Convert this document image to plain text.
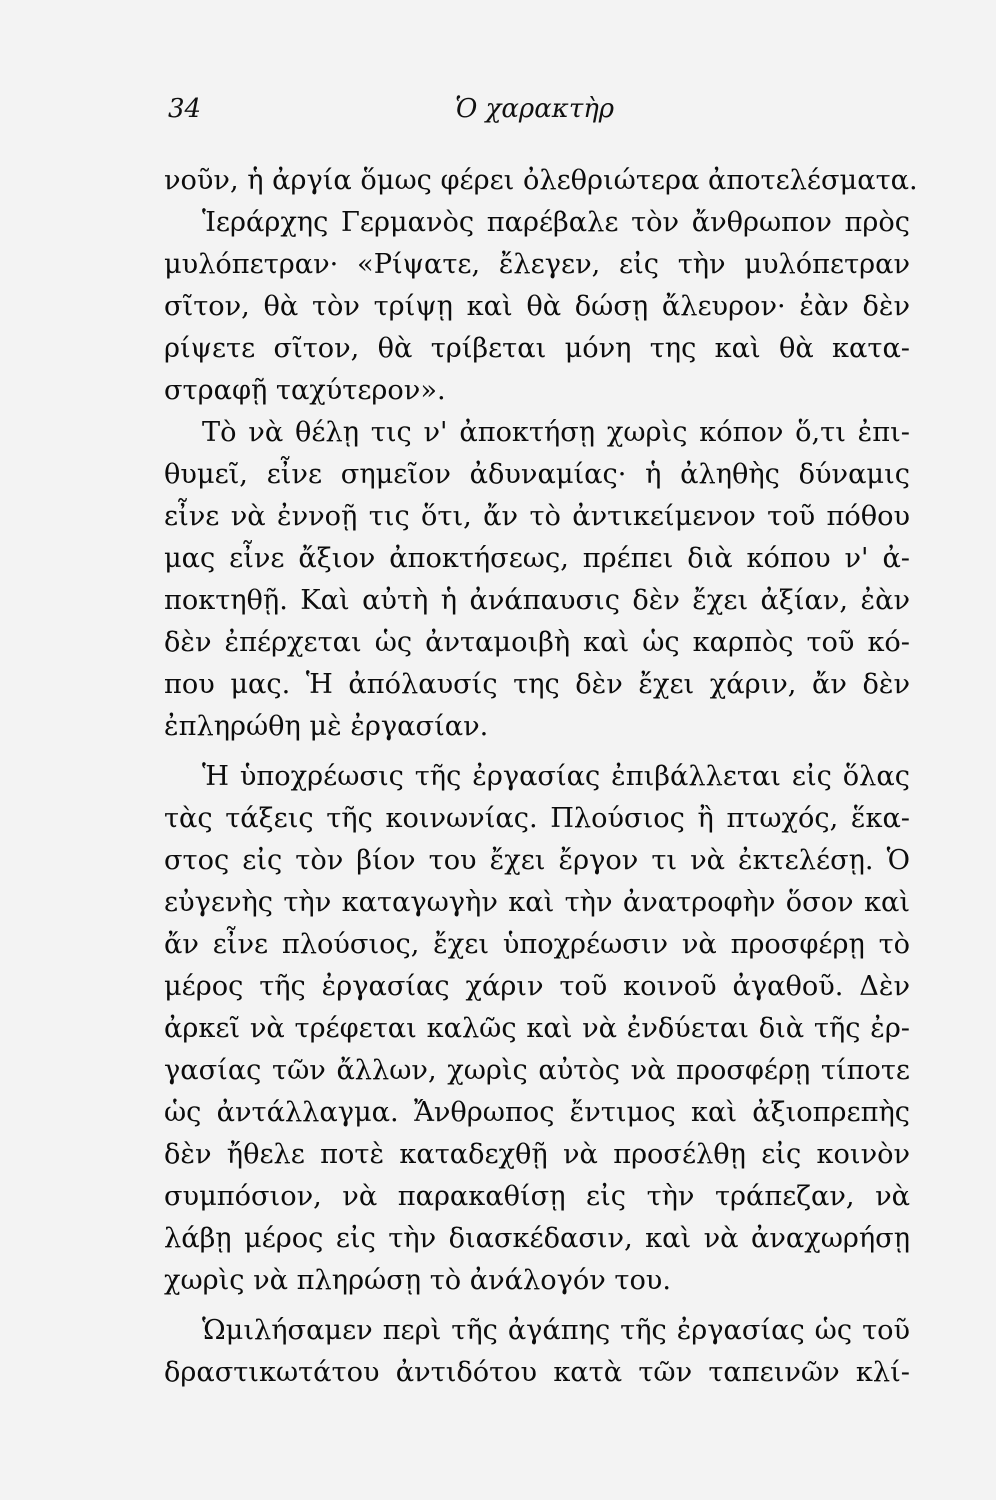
34	Ὁ χαρακτὴρ
νοῦν, ἡ ἀργία ὅμως φέρει ὀλεθριώτερα ἀποτελέσματα.
Ἱεράρχης Γερμανὸς παρέβαλε τὸν ἄνθρωπον πρὸς
μυλόπετραν· «Ρίψατε, ἔλεγεν, εἰς τὴν μυλόπετραν
σῖτον, θὰ τὸν τρίψῃ καὶ θὰ δώσῃ ἄλευρον· ἐὰν δὲν
ρίψετε σῖτον, θὰ τρίβεται μόνη της καὶ θὰ κατα-
στραφῇ ταχύτερον».
Τὸ νὰ θέλῃ τις ν' ἀποκτήσῃ χωρὶς κόπον ὅ,τι ἐπι-
θυμεῖ, εἶνε σημεῖον ἀδυναμίας· ἡ ἀληθὴς δύναμις
εἶνε νὰ ἐννοῇ τις ὅτι, ἄν τὸ ἀντικείμενον τοῦ πόθου
μας εἶνε ἄξιον ἀποκτήσεως, πρέπει διὰ κόπου ν' ἀ-
ποκτηθῇ. Καὶ αὐτὴ ἡ ἀνάπαυσις δὲν ἔχει ἀξίαν, ἐὰν
δὲν ἐπέρχεται ὡς ἀνταμοιβὴ καὶ ὡς καρπὸς τοῦ κό-
που μας. Ἡ ἀπόλαυσίς της δὲν ἔχει χάριν, ἄν δὲν
ἐπληρώθη μὲ ἐργασίαν.
Ἡ ὑποχρέωσις τῆς ἐργασίας ἐπιβάλλεται εἰς ὅλας
τὰς τάξεις τῆς κοινωνίας. Πλούσιος ἢ πτωχός, ἕκα-
στος εἰς τὸν βίον του ἔχει ἔργον τι νὰ ἐκτελέσῃ. Ὁ
εὐγενὴς τὴν καταγωγὴν καὶ τὴν ἀνατροφὴν ὅσον καὶ
ἄν εἶνε πλούσιος, ἔχει ὑποχρέωσιν νὰ προσφέρῃ τὸ
μέρος τῆς ἐργασίας χάριν τοῦ κοινοῦ ἀγαθοῦ. Δὲν
ἀρκεῖ νὰ τρέφεται καλῶς καὶ νὰ ἐνδύεται διὰ τῆς ἐρ-
γασίας τῶν ἄλλων, χωρὶς αὐτὸς νὰ προσφέρῃ τίποτε
ὡς ἀντάλλαγμα. Ἄνθρωπος ἔντιμος καὶ ἀξιοπρεπὴς
δὲν ἤθελε ποτὲ καταδεχθῇ νὰ προσέλθῃ εἰς κοινὸν
συμπόσιον, νὰ παρακαθίσῃ εἰς τὴν τράπεζαν, νὰ
λάβῃ μέρος εἰς τὴν διασκέδασιν, καὶ νὰ ἀναχωρήσῃ
χωρὶς νὰ πληρώσῃ τὸ ἀνάλογόν του.
Ὡμιλήσαμεν περὶ τῆς ἀγάπης τῆς ἐργασίας ὡς τοῦ
δραστικωτάτου ἀντιδότου κατὰ τῶν ταπεινῶν κλί-
